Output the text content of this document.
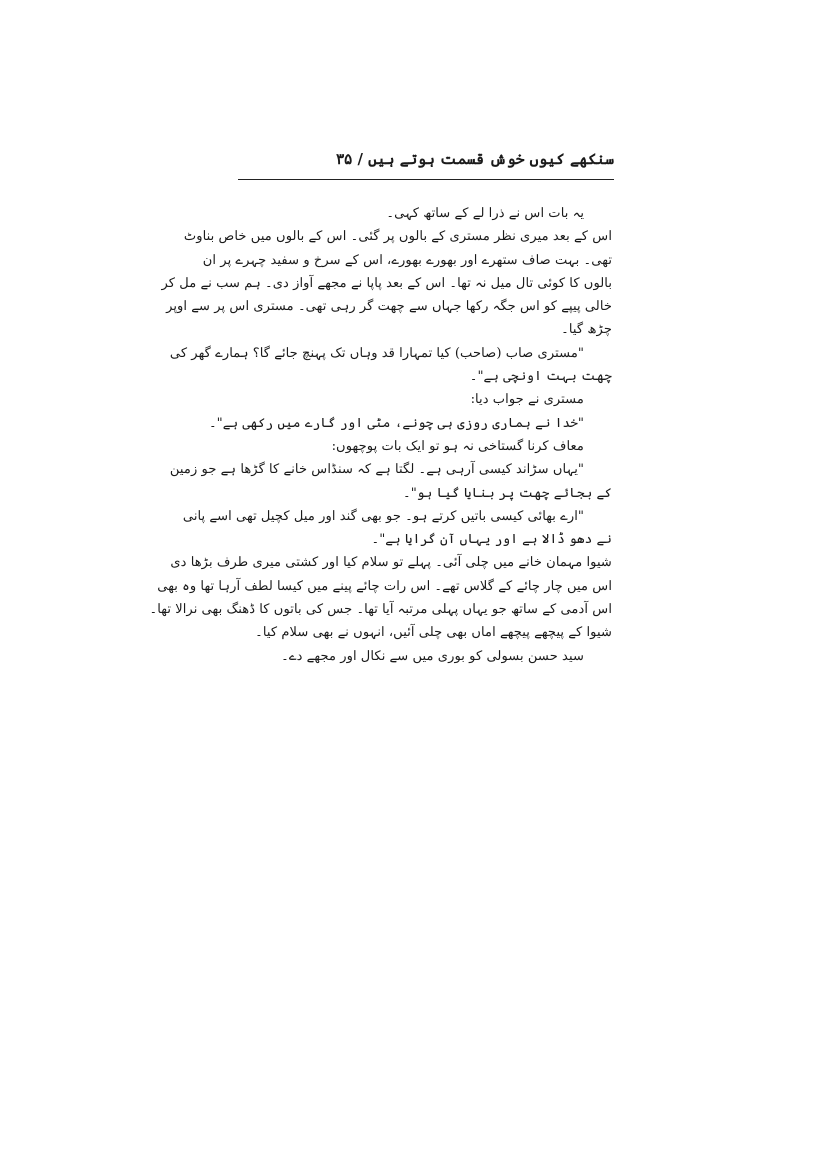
سنکھے کیوں خوش قسمت ہوتے ہیں / ۳۵
یہ بات اس نے ذرا لے کے ساتھ کہی۔
اس کے بعد میری نظر مستری کے بالوں پر گئی۔ اس کے بالوں میں خاص بناوٹ
تھی۔ بہت صاف ستھرے اور بھورے بھورے، اس کے سرخ و سفید چہرے پر ان
بالوں کا کوئی تال میل نہ تھا۔ اس کے بعد پاپا نے مجھے آواز دی۔ ہم سب نے مل کر
خالی پیپے کو اس جگہ رکھا جہاں سے چھت گر رہی تھی۔ مستری اس پر سے اوپر
چڑھ گیا۔
"مستری صاب (صاحب) کیا تمہارا قد وہاں تک پہنچ جائے گا؟ ہمارے گھر کی
چھت بہت اونچی ہے"۔
مستری نے جواب دیا:
"خدا نے ہماری روزی ہی چونے، مٹی اور گارے میں رکھی ہے"۔
معاف کرنا گستاخی نہ ہو تو ایک بات پوچھوں:
"یہاں سڑاند کیسی آرہی ہے۔ لگتا ہے کہ سنڈاس خانے کا گڑھا ہے جو زمین
کے بجائے چھت پر بنایا گیا ہو"۔
"ارے بھائی کیسی باتیں کرتے ہو۔ جو بھی گند اور میل کچیل تھی اسے پانی
نے دھو ڈالا ہے اور یہاں آن گرایا ہے"۔
شیوا مہمان خانے میں چلی آئی۔ پہلے تو سلام کیا اور کشتی میری طرف بڑھا دی
اس میں چار چائے کے گلاس تھے۔ اس رات چائے پینے میں کیسا لطف آرہا تھا وہ بھی
اس آدمی کے ساتھ جو یہاں پہلی مرتبہ آیا تھا۔ جس کی باتوں کا ڈھنگ بھی نرالا تھا۔
شیوا کے پیچھے پیچھے اماں بھی چلی آئیں، انہوں نے بھی سلام کیا۔
سید حسن بسولی کو بوری میں سے نکال اور مجھے دے۔
